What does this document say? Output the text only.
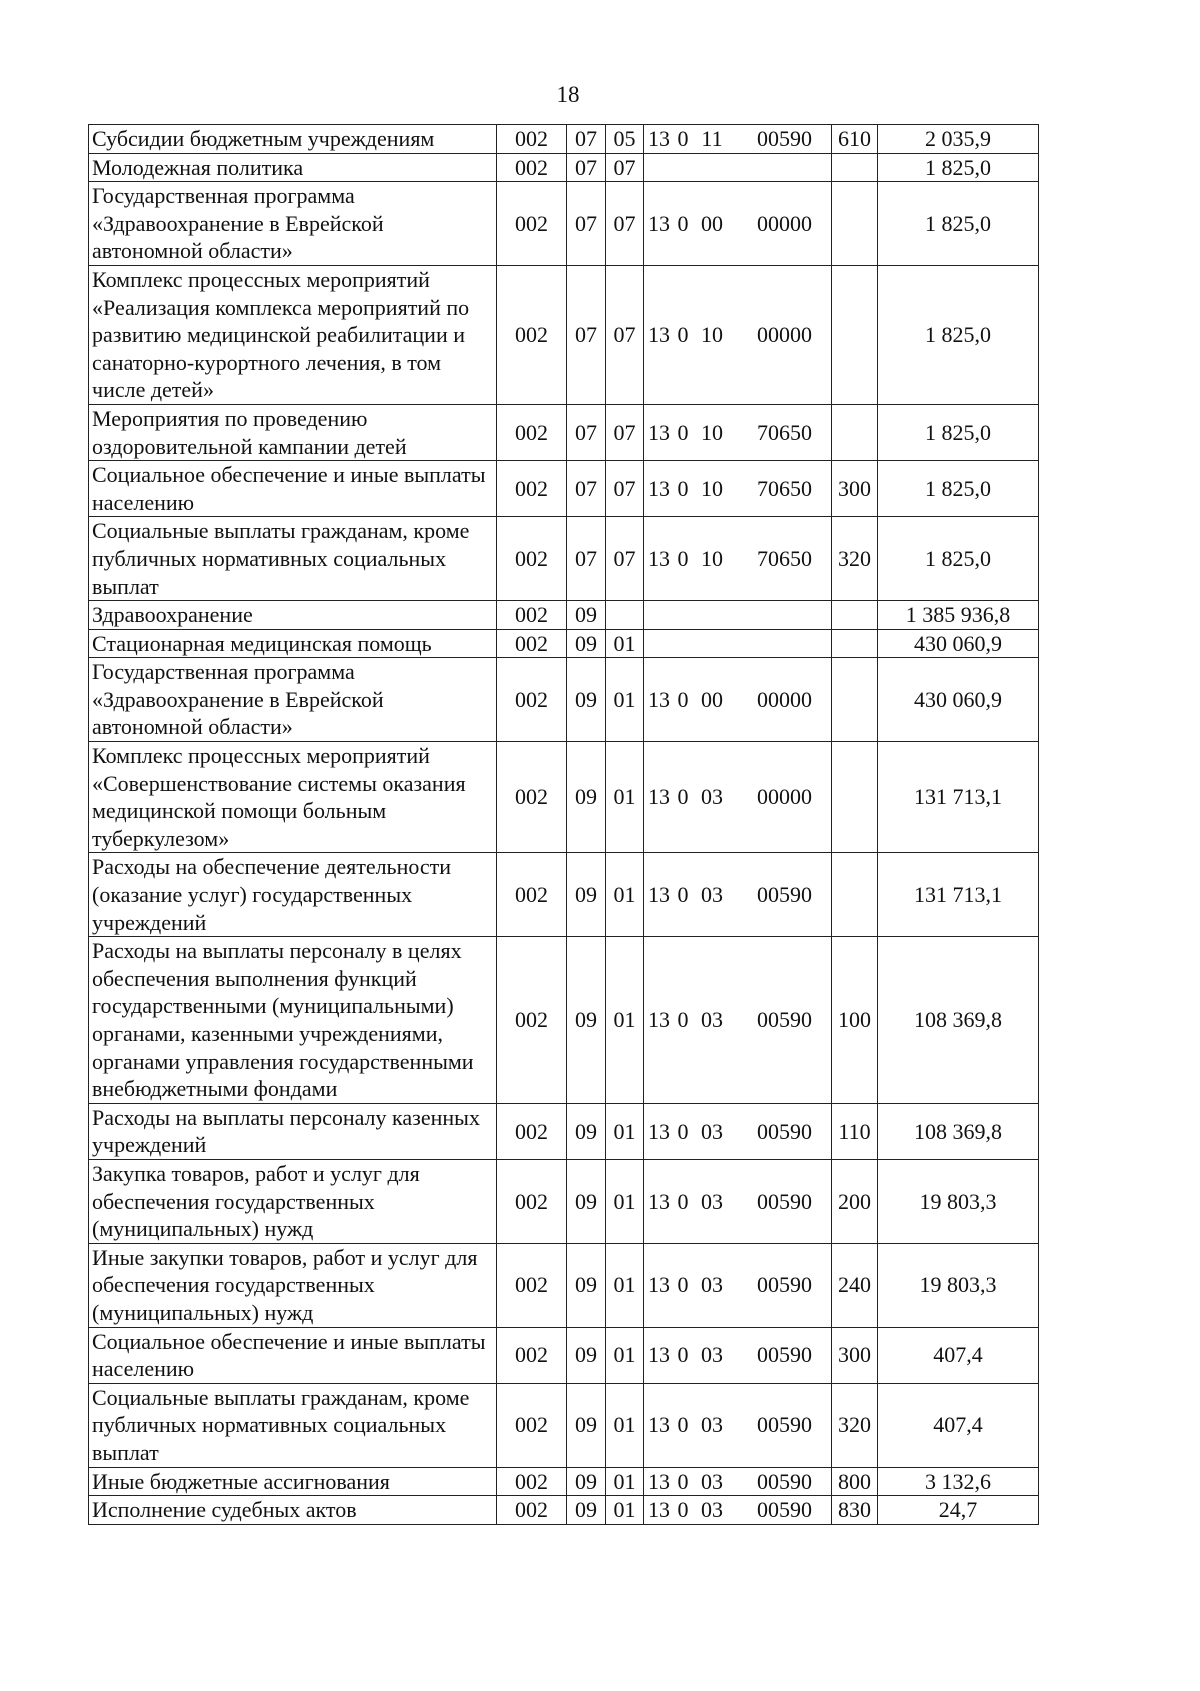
18
Субсидии бюджетным учреждениям	002	07	05	13 0 11 00590	610	2 035,9
Молодежная политика	002	07	07			1 825,0
Государственная программа «Здравоохранение в Еврейской автономной области»	002	07	07	13 0 00 00000		1 825,0
Комплекс процессных мероприятий «Реализация комплекса мероприятий по развитию медицинской реабилитации и санаторно-курортного лечения, в том числе детей»	002	07	07	13 0 10 00000		1 825,0
Мероприятия по проведению оздоровительной кампании детей	002	07	07	13 0 10 70650		1 825,0
Социальное обеспечение и иные выплаты населению	002	07	07	13 0 10 70650	300	1 825,0
Социальные выплаты гражданам, кроме публичных нормативных социальных выплат	002	07	07	13 0 10 70650	320	1 825,0
Здравоохранение	002	09				1 385 936,8
Стационарная медицинская помощь	002	09	01			430 060,9
Государственная программа «Здравоохранение в Еврейской автономной области»	002	09	01	13 0 00 00000		430 060,9
Комплекс процессных мероприятий «Совершенствование системы оказания медицинской помощи больным туберкулезом»	002	09	01	13 0 03 00000		131 713,1
Расходы на обеспечение деятельности (оказание услуг) государственных учреждений	002	09	01	13 0 03 00590		131 713,1
Расходы на выплаты персоналу в целях обеспечения выполнения функций государственными (муниципальными) органами, казенными учреждениями, органами управления государственными внебюджетными фондами	002	09	01	13 0 03 00590	100	108 369,8
Расходы на выплаты персоналу казенных учреждений	002	09	01	13 0 03 00590	110	108 369,8
Закупка товаров, работ и услуг для обеспечения государственных (муниципальных) нужд	002	09	01	13 0 03 00590	200	19 803,3
Иные закупки товаров, работ и услуг для обеспечения государственных (муниципальных) нужд	002	09	01	13 0 03 00590	240	19 803,3
Социальное обеспечение и иные выплаты населению	002	09	01	13 0 03 00590	300	407,4
Социальные выплаты гражданам, кроме публичных нормативных социальных выплат	002	09	01	13 0 03 00590	320	407,4
Иные бюджетные ассигнования	002	09	01	13 0 03 00590	800	3 132,6
Исполнение судебных актов	002	09	01	13 0 03 00590	830	24,7
